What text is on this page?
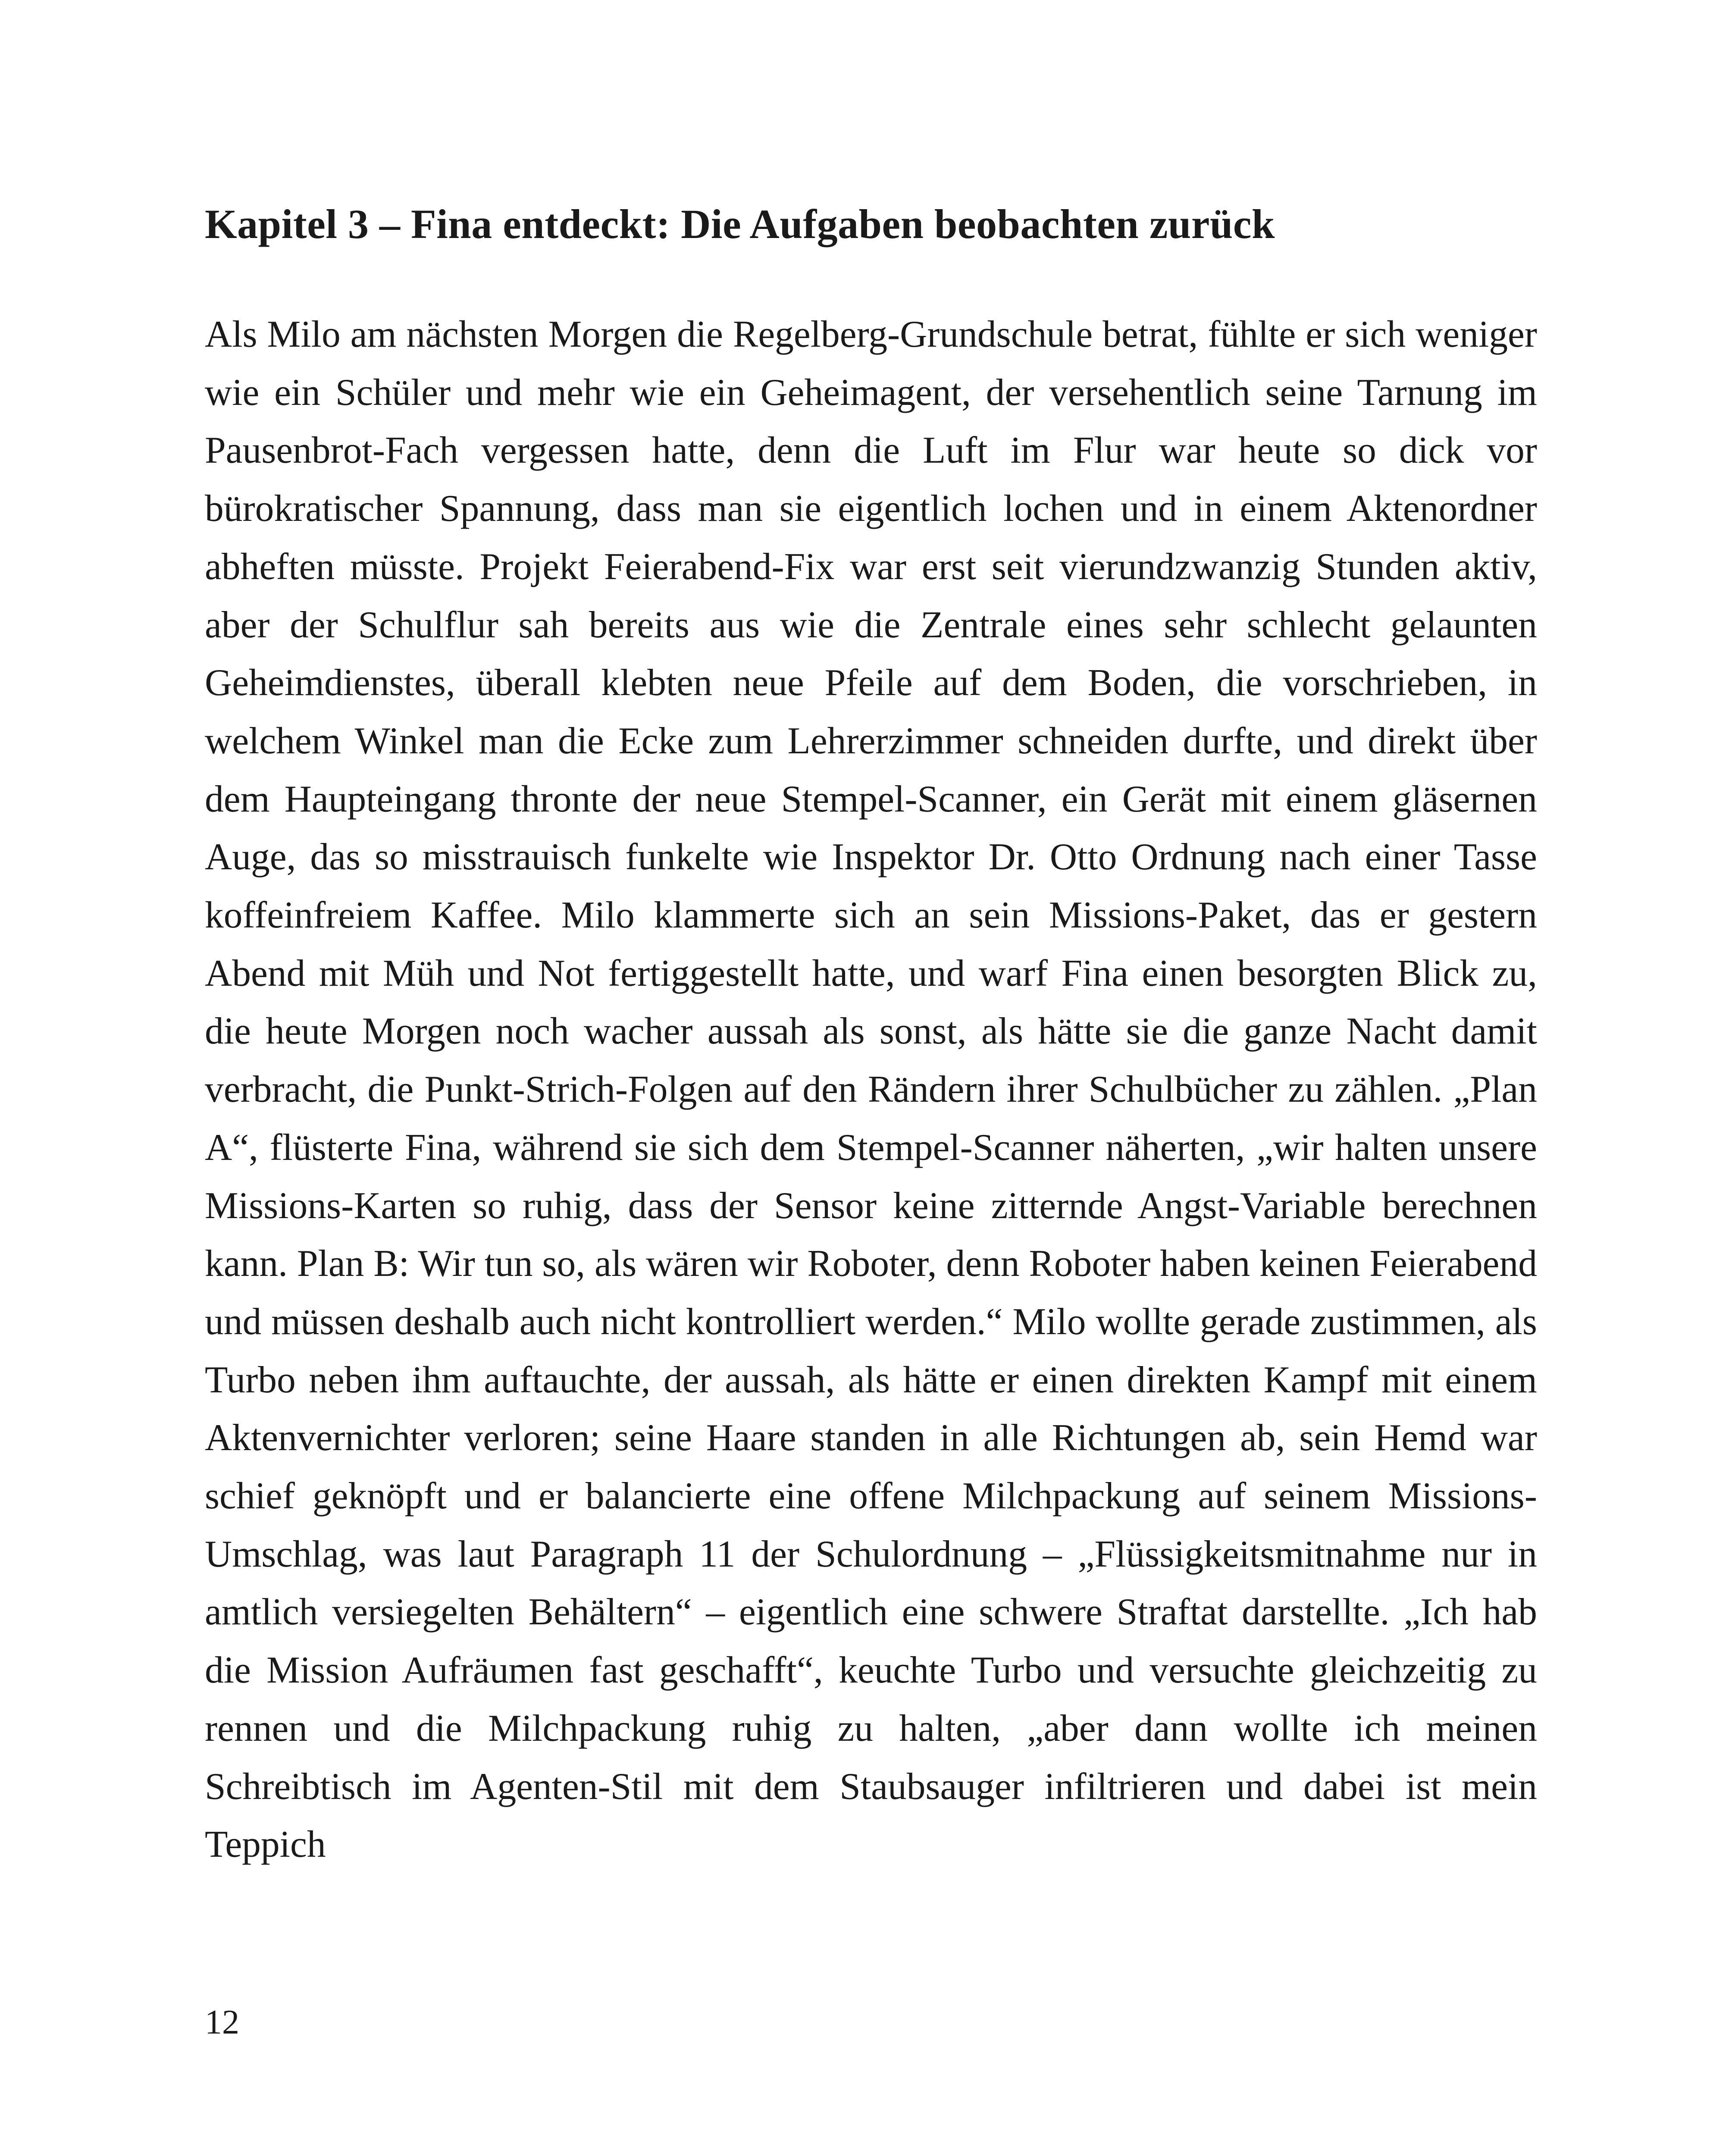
Kapitel 3 – Fina entdeckt: Die Aufgaben beobachten zurück

Als Milo am nächsten Morgen die Regelberg-Grundschule betrat, fühlte er sich weniger wie ein Schüler und mehr wie ein Geheimagent, der versehentlich seine Tarnung im Pausenbrot-Fach vergessen hatte, denn die Luft im Flur war heute so dick vor bürokratischer Spannung, dass man sie eigentlich lochen und in einem Aktenordner abheften müsste. Projekt Feierabend-Fix war erst seit vierundzwanzig Stunden aktiv, aber der Schulflur sah bereits aus wie die Zentrale eines sehr schlecht gelaunten Geheimdienstes, überall klebten neue Pfeile auf dem Boden, die vorschrieben, in welchem Winkel man die Ecke zum Lehrerzimmer schneiden durfte, und direkt über dem Haupteingang thronte der neue Stempel-Scanner, ein Gerät mit einem gläsernen Auge, das so misstrauisch funkelte wie Inspektor Dr. Otto Ordnung nach einer Tasse koffeinfreiem Kaffee. Milo klammerte sich an sein Missions-Paket, das er gestern Abend mit Müh und Not fertiggestellt hatte, und warf Fina einen besorgten Blick zu, die heute Morgen noch wacher aussah als sonst, als hätte sie die ganze Nacht damit verbracht, die Punkt-Strich-Folgen auf den Rändern ihrer Schulbücher zu zählen. „Plan A“, flüsterte Fina, während sie sich dem Stempel-Scanner näherten, „wir halten unsere Missions-Karten so ruhig, dass der Sensor keine zitternde Angst-Variable berechnen kann. Plan B: Wir tun so, als wären wir Roboter, denn Roboter haben keinen Feierabend und müssen deshalb auch nicht kontrolliert werden.“ Milo wollte gerade zustimmen, als Turbo neben ihm auftauchte, der aussah, als hätte er einen direkten Kampf mit einem Aktenvernichter verloren; seine Haare standen in alle Richtungen ab, sein Hemd war schief geknöpft und er balancierte eine offene Milchpackung auf seinem Missions-Umschlag, was laut Paragraph 11 der Schulordnung – „Flüssigkeitsmitnahme nur in amtlich versiegelten Behältern“ – eigentlich eine schwere Straftat darstellte. „Ich hab die Mission Aufräumen fast geschafft“, keuchte Turbo und versuchte gleichzeitig zu rennen und die Milchpackung ruhig zu halten, „aber dann wollte ich meinen Schreibtisch im Agenten-Stil mit dem Staubsauger infiltrieren und dabei ist mein Teppich

12
